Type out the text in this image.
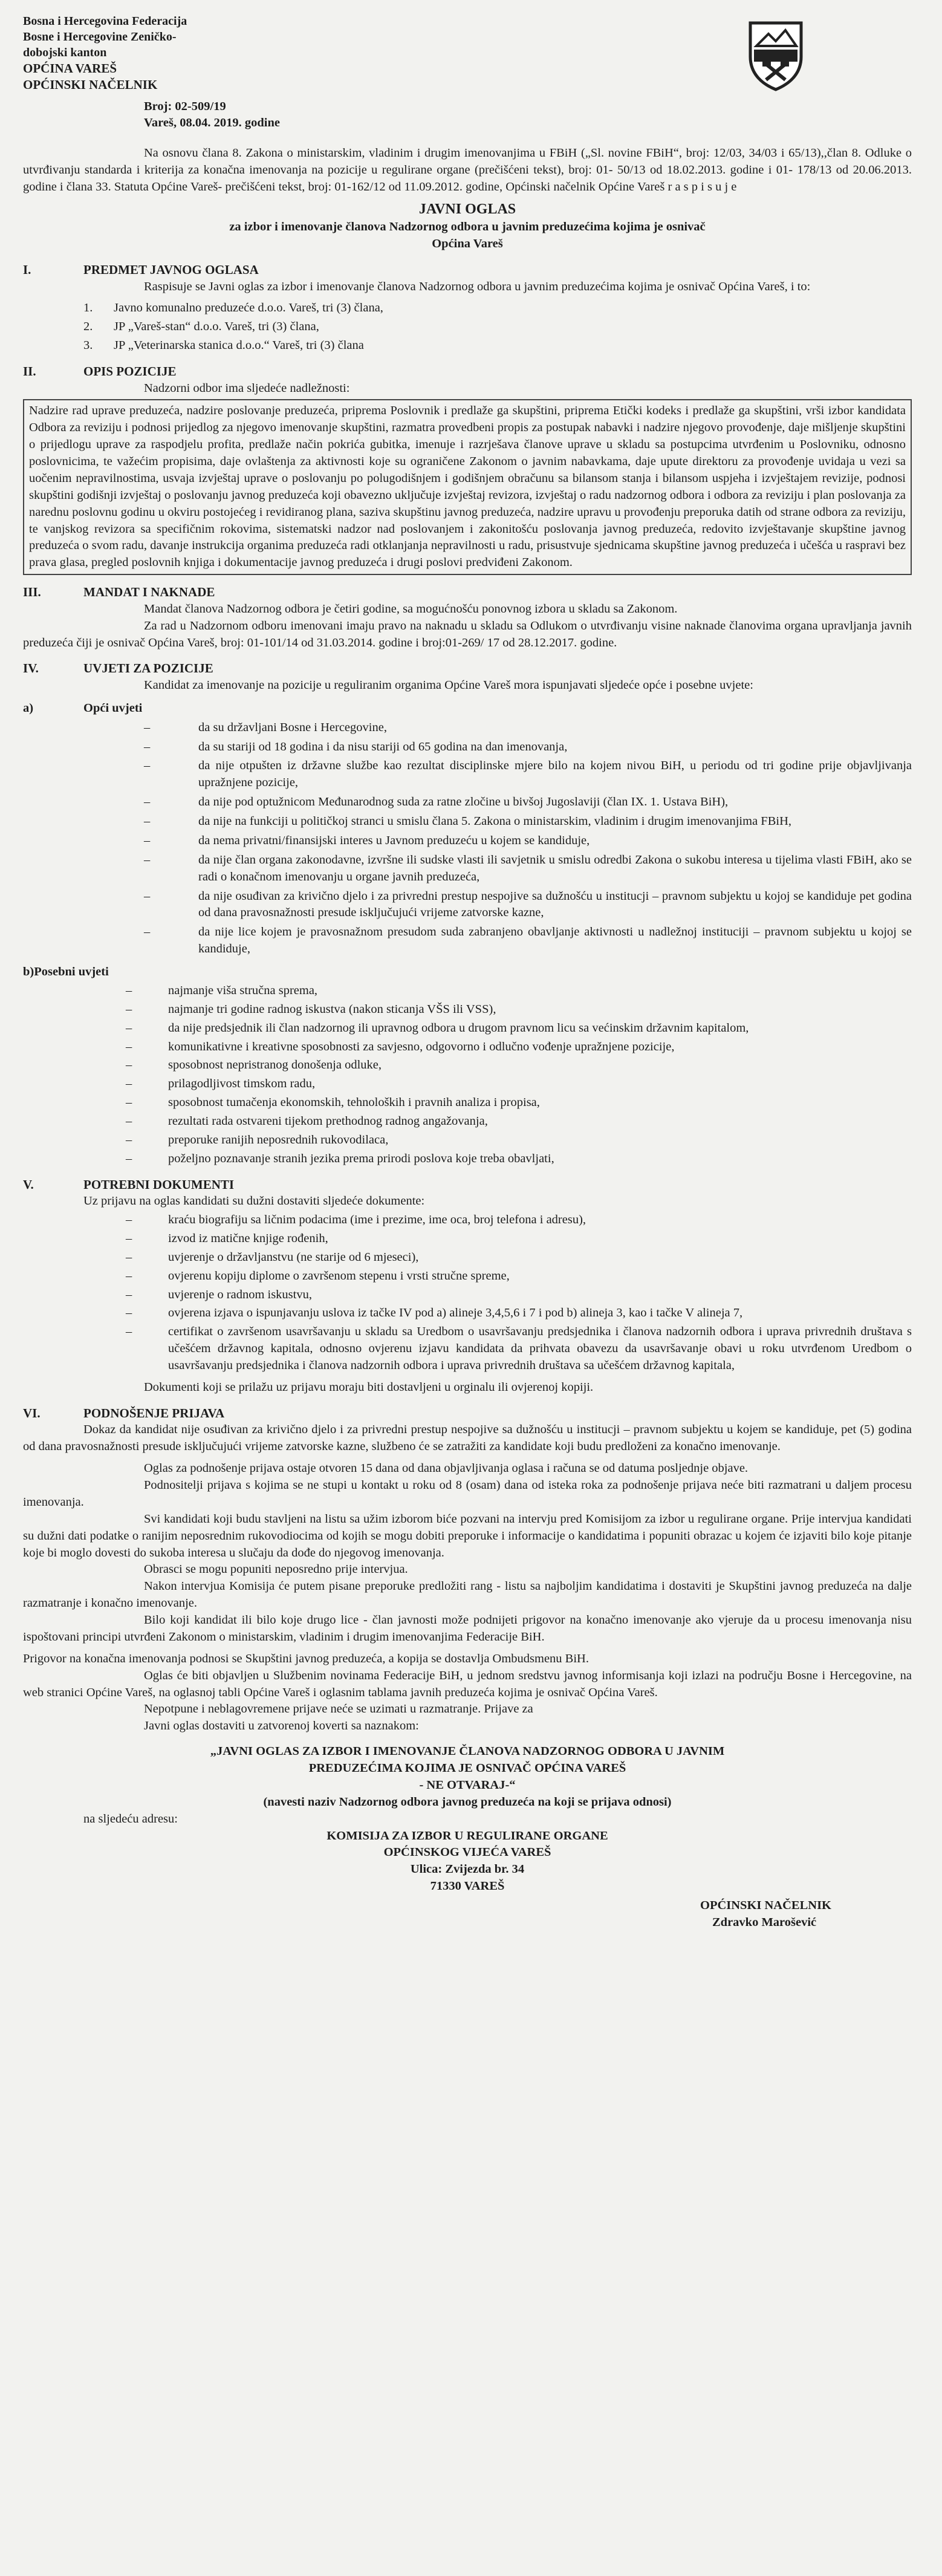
Bosna i Hercegovina Federacija
Bosne i Hercegovine Zeničko-
dobojski kanton
OPĆINA VAREŠ
OPĆINSKI NAČELNIK
Broj: 02-509/19
Vareš, 08.04. 2019. godine

Na osnovu člana 8. Zakona o ministarskim, vladinim i drugim imenovanjima u FBiH („Sl. novine FBiH“, broj: 12/03, 34/03 i 65/13),,član 8. Odluke o utvrđivanju standarda i kriterija za konačna imenovanja na pozicije u regulirane organe (prečišćeni tekst), broj: 01- 50/13 od 18.02.2013. godine i 01- 178/13 od 20.06.2013. godine i člana 33. Statuta Općine Vareš- prečišćeni tekst, broj: 01-162/12 od 11.09.2012. godine, Općinski načelnik Općine Vareš r a s p i s u j e

JAVNI OGLAS
za izbor i imenovanje članova Nadzornog odbora u javnim preduzećima kojima je osnivač
Općina Vareš
I.	PREDMET JAVNOG OGLASA

Raspisuje se Javni oglas za izbor i imenovanje članova Nadzornog odbora u javnim preduzećima kojima je osnivač Općina Vareš, i to:

1. Javno komunalno preduzeće d.o.o. Vareš, tri (3) člana,
2. JP „Vareš-stan“ d.o.o. Vareš, tri (3) člana,
3. JP „Veterinarska stanica d.o.o.“ Vareš, tri (3) člana
II.	OPIS POZICIJE

Nadzorni odbor ima sljedeće nadležnosti:

Nadzire rad uprave preduzeća, nadzire poslovanje preduzeća, priprema Poslovnik i predlaže ga skupštini, priprema Etički kodeks i predlaže ga skupštini, vrši izbor kandidata Odbora za reviziju i podnosi prijedlog za njegovo imenovanje skupštini, razmatra provedbeni propis za postupak nabavki i nadzire njegovo provođenje, daje mišljenje skupštini o prijedlogu uprave za raspodjelu profita, predlaže način pokrića gubitka, imenuje i razrješava članove uprave u skladu sa postupcima utvrđenim u Poslovniku, odnosno poslovnicima, te važećim propisima, daje ovlaštenja za aktivnosti koje su ograničene Zakonom o javnim nabavkama, daje upute direktoru za provođenje uvidaja u vezi sa uočenim nepravilnostima, usvaja izvještaj uprave o poslovanju po polugodišnjem i godišnjem obračunu sa bilansom stanja i bilansom uspjeha i izvještajem revizije, podnosi skupštini godišnji izvještaj o poslovanju javnog preduzeća koji obavezno uključuje izvještaj revizora, izvještaj o radu nadzornog odbora i odbora za reviziju i plan poslovanja za narednu poslovnu godinu u okviru postojećeg i revidiranog plana, saziva skupštinu javnog preduzeća, nadzire upravu u provođenju preporuka datih od strane odbora za reviziju, te vanjskog revizora sa specifičnim rokovima, sistematski nadzor nad poslovanjem i zakonitošću poslovanja javnog preduzeća, redovito izvještavanje skupštine javnog preduzeća o svom radu, davanje instrukcija organima preduzeća radi otklanjanja nepravilnosti u radu, prisustvuje sjednicama skupštine javnog preduzeća i učešća u raspravi bez prava glasa, pregled poslovnih knjiga i dokumentacije javnog preduzeća i drugi poslovi predviđeni Zakonom.
III.	MANDAT I NAKNADE

Mandat članova Nadzornog odbora je četiri godine, sa mogućnošću ponovnog izbora u skladu sa Zakonom.

Za rad u Nadzornom odboru imenovani imaju pravo na naknadu u skladu sa Odlukom o utvrđivanju visine naknade članovima organa upravljanja javnih preduzeća čiji je osnivač Općina Vareš, broj: 01-101/14 od 31.03.2014. godine i broj:01-269/ 17 od 28.12.2017. godine.

IV.	UVJETI ZA POZICIJE

Kandidat za imenovanje na pozicije u reguliranim organima Općine Vareš mora ispunjavati sljedeće opće i posebne uvjete:

a)	Opći uvjeti
– da su državljani Bosne i Hercegovine,
– da su stariji od 18 godina i da nisu stariji od 65 godina na dan imenovanja,
– da nije otpušten iz državne službe kao rezultat disciplinske mjere bilo na kojem nivou BiH, u periodu od tri godine prije objavljivanja upražnjene pozicije,
– da nije pod optužnicom Međunarodnog suda za ratne zločine u bivšoj Jugoslaviji (član IX. 1. Ustava BiH),
– da nije na funkciji u političkoj stranci u smislu člana 5. Zakona o ministarskim, vladinim i drugim imenovanjima FBiH,
– da nema privatni/finansijski interes u Javnom preduzeću u kojem se kandiduje,
– da nije član organa zakonodavne, izvršne ili sudske vlasti ili savjetnik u smislu odredbi Zakona o sukobu interesa u tijelima vlasti FBiH, ako se radi o konačnom imenovanju u organe javnih preduzeća,
– da nije osuđivan za krivično djelo i za privredni prestup nespojive sa dužnošću u institucji – pravnom subjektu u kojoj se kandiduje pet godina od dana pravosnažnosti presude isključujući vrijeme zatvorske kazne,
– da nije lice kojem je pravosnažnom presudom suda zabranjeno obavljanje aktivnosti u nadležnoj instituciji – pravnom subjektu u kojoj se kandiduje,
b)Posebni uvjeti
– najmanje viša stručna sprema,
– najmanje tri godine radnog iskustva (nakon sticanja VŠS ili VSS),
– da nije predsjednik ili član nadzornog ili upravnog odbora u drugom pravnom licu sa većinskim državnim kapitalom,
– komunikativne i kreativne sposobnosti za savjesno, odgovorno i odlučno vođenje upražnjene pozicije,
– sposobnost nepristranog donošenja odluke,
– prilagodljivost timskom radu,
– sposobnost tumačenja ekonomskih, tehnoloških i pravnih analiza i propisa,
– rezultati rada ostvareni tijekom prethodnog radnog angažovanja,
– preporuke ranijih neposrednih rukovodilaca,
– poželjno poznavanje stranih jezika prema prirodi poslova koje treba obavljati,
V.	POTREBNI DOKUMENTI

Uz prijavu na oglas kandidati su dužni dostaviti sljedeće dokumente:

– kraću biografiju sa ličnim podacima (ime i prezime, ime oca, broj telefona i adresu),
– izvod iz matične knjige rođenih,
– uvjerenje o državljanstvu (ne starije od 6 mjeseci),
– ovjerenu kopiju diplome o završenom stepenu i vrsti stručne spreme,
– uvjerenje o radnom iskustvu,
– ovjerena izjava o ispunjavanju uslova iz tačke IV pod a) alineje 3,4,5,6 i 7 i pod b) alineja 3, kao i tačke V alineja 7,
– certifikat o završenom usavršavanju u skladu sa Uredbom o usavršavanju predsjednika i članova nadzornih odbora i uprava privrednih društava s učešćem državnog kapitala, odnosno ovjerenu izjavu kandidata da prihvata obavezu da usavršavanje obavi u roku utvrđenom Uredbom o usavršavanju predsjednika i članova nadzornih odbora i uprava privrednih društava sa učešćem državnog kapitala,

Dokumenti koji se prilažu uz prijavu moraju biti dostavljeni u orginalu ili ovjerenoj kopiji.

VI.	PODNOŠENJE PRIJAVA

Dokaz da kandidat nije osuđivan za krivično djelo i za privredni prestup nespojive sa dužnošću u institucji – pravnom subjektu u kojem se kandiduje, pet (5) godina od dana pravosnažnosti presude isključujući vrijeme zatvorske kazne, službeno će se zatražiti za kandidate koji budu predloženi za konačno imenovanje.

Oglas za podnošenje prijava ostaje otvoren 15 dana od dana objavljivanja oglasa i računa se od datuma posljednje objave.

Podnositelji prijava s kojima se ne stupi u kontakt u roku od 8 (osam) dana od isteka roka za podnošenje prijava neće biti razmatrani u daljem procesu imenovanja.

Svi kandidati koji budu stavljeni na listu sa užim izborom biće pozvani na intervju pred Komisijom za izbor u regulirane organe. Prije intervjua kandidati su dužni dati podatke o ranijim neposrednim rukovodiocima od kojih se mogu dobiti preporuke i informacije o kandidatima i popuniti obrazac u kojem će izjaviti bilo koje pitanje koje bi moglo dovesti do sukoba interesa u slučaju da dođe do njegovog imenovanja.

Obrasci se mogu popuniti neposredno prije intervjua.

Nakon intervjua Komisija će putem pisane preporuke predložiti rang - listu sa najboljim kandidatima i dostaviti je Skupštini javnog preduzeća na dalje razmatranje i konačno imenovanje.

Bilo koji kandidat ili bilo koje drugo lice - član javnosti može podnijeti prigovor na konačno imenovanje ako vjeruje da u procesu imenovanja nisu ispoštovani principi utvrđeni Zakonom o ministarskim, vladinim i drugim imenovanjima Federacije BiH.

Prigovor na konačna imenovanja podnosi se Skupštini javnog preduzeća, a kopija se dostavlja Ombudsmenu BiH.

Oglas će biti objavljen u Službenim novinama Federacije BiH, u jednom sredstvu javnog informisanja koji izlazi na području Bosne i Hercegovine, na web stranici Općine Vareš, na oglasnoj tabli Općine Vareš i oglasnim tablama javnih preduzeća kojima je osnivač Općina Vareš.

Nepotpune i neblagovremene prijave neće se uzimati u razmatranje. Prijave za

Javni oglas dostaviti u zatvorenoj koverti sa naznakom:

„JAVNI OGLAS ZA IZBOR I IMENOVANJE ČLANOVA NADZORNOG ODBORA U JAVNIM
PREDUZEĆIMA KOJIMA JE OSNIVAČ OPĆINA VAREŠ
- NE OTVARAJ-“
(navesti naziv Nadzornog odbora javnog preduzeća na koji se prijava odnosi)

na sljedeću adresu:

KOMISIJA ZA IZBOR U REGULIRANE ORGANE
OPĆINSKOG VIJEĆA VAREŠ
Ulica: Zvijezda br. 34
71330 VAREŠ
OPĆINSKI NAČELNIK
Zdravko Marošević
